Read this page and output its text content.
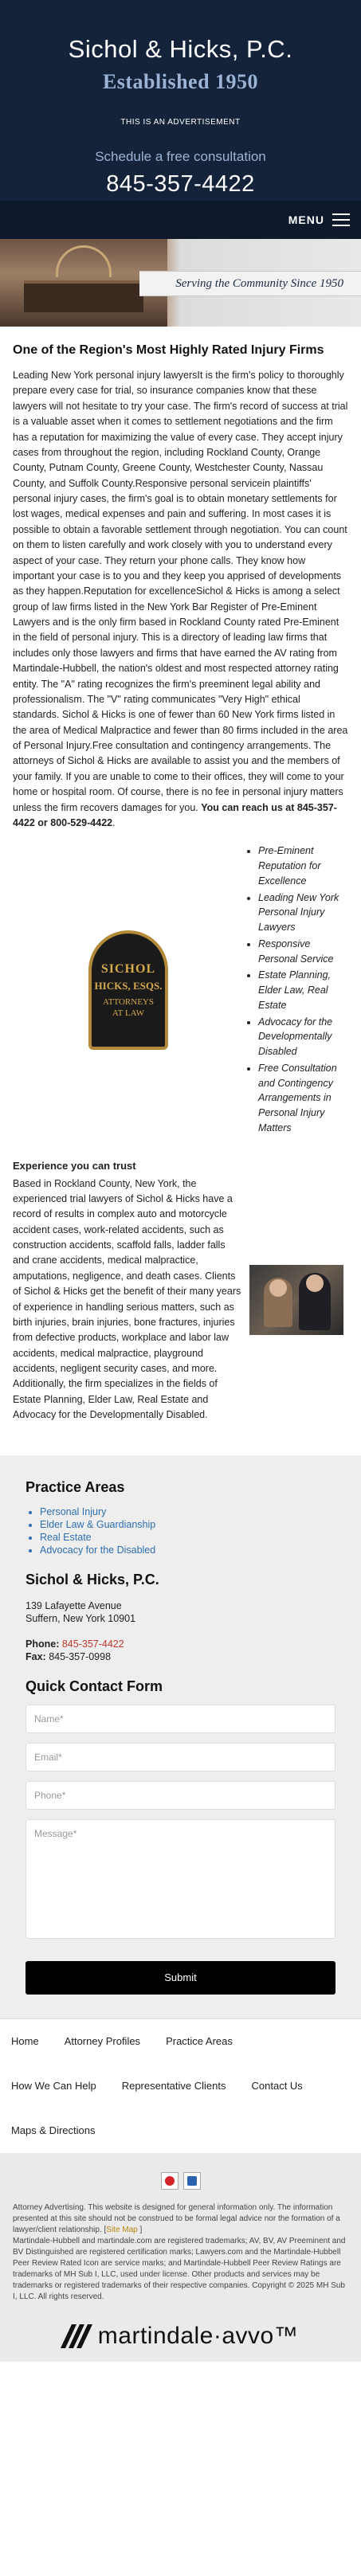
Sichol & Hicks, P.C.
Established 1950
THIS IS AN ADVERTISEMENT
Schedule a free consultation
845-357-4422
MENU
Serving the Community Since 1950
One of the Region's Most Highly Rated Injury Firms

Leading New York personal injury lawyersIt is the firm's policy to thoroughly prepare every case for trial, so insurance companies know that these lawyers will not hesitate to try your case. The firm's record of success at trial is a valuable asset when it comes to settlement negotiations and the firm has a reputation for maximizing the value of every case. They accept injury cases from throughout the region, including Rockland County, Orange County, Putnam County, Greene County, Westchester County, Nassau County, and Suffolk County.Responsive personal servicein plaintiffs' personal injury cases, the firm's goal is to obtain monetary settlements for lost wages, medical expenses and pain and suffering. In most cases it is possible to obtain a favorable settlement through negotiation. You can count on them to listen carefully and work closely with you to understand every aspect of your case. They return your phone calls. They know how important your case is to you and they keep you apprised of developments as they happen.Reputation for excellenceSichol & Hicks is among a select group of law firms listed in the New York Bar Register of Pre-Eminent Lawyers and is the only firm based in Rockland County rated Pre-Eminent in the field of personal injury. This is a directory of leading law firms that includes only those lawyers and firms that have earned the AV rating from Martindale-Hubbell, the nation's oldest and most respected attorney rating entity. The "A" rating recognizes the firm's preeminent legal ability and professionalism. The "V" rating communicates "Very High" ethical standards. Sichol & Hicks is one of fewer than 60 New York firms listed in the area of Medical Malpractice and fewer than 80 firms included in the area of Personal Injury.Free consultation and contingency arrangements. The attorneys of Sichol & Hicks are available to assist you and the members of your family. If you are unable to come to their offices, they will come to your home or hospital room. Of course, there is no fee in personal injury matters unless the firm recovers damages for you. You can reach us at 845-357-4422 or 800-529-4422.

SICHOL
HICKS, ESQS.
ATTORNEYS
AT LAW
• Pre-Eminent Reputation for Excellence
• Leading New York Personal Injury Lawyers
• Responsive Personal Service
• Estate Planning, Elder Law, Real Estate
• Advocacy for the Developmentally Disabled
• Free Consultation and Contingency Arrangements in Personal Injury Matters
Experience you can trust

Based in Rockland County, New York, the experienced trial lawyers of Sichol & Hicks have a record of results in complex auto and motorcycle accident cases, work-related accidents, such as construction accidents, scaffold falls, ladder falls and crane accidents, medical malpractice, amputations, negligence, and death cases. Clients of Sichol & Hicks get the benefit of their many years of experience in handling serious matters, such as birth injuries, brain injuries, bone fractures, injuries from defective products, workplace and labor law accidents, medical malpractice, playground accidents, negligent security cases, and more. Additionally, the firm specializes in the fields of Estate Planning, Elder Law, Real Estate and Advocacy for the Developmentally Disabled.

Practice Areas
• Personal Injury
• Elder Law & Guardianship
• Real Estate
• Advocacy for the Disabled
Sichol & Hicks, P.C.
139 Lafayette Avenue
Suffern, New York 10901
Phone: 845-357-4422
Fax: 845-357-0998
Quick Contact Form
Name*
Email*
Phone*
Message*
Submit
Home Attorney Profiles Practice Areas
How We Can Help Representative Clients Contact Us
Maps & Directions

Attorney Advertising. This website is designed for general information only. The information presented at this site should not be construed to be formal legal advice nor the formation of a lawyer/client relationship. [Site Map ]

Martindale-Hubbell and martindale.com are registered trademarks; AV, BV, AV Preeminent and BV Distinguished are registered certification marks; Lawyers.com and the Martindale-Hubbell Peer Review Rated Icon are service marks; and Martindale-Hubbell Peer Review Ratings are trademarks of MH Sub I, LLC, used under license. Other products and services may be trademarks or registered trademarks of their respective companies. Copyright © 2025 MH Sub I, LLC. All rights reserved.

martindale·avvo™
